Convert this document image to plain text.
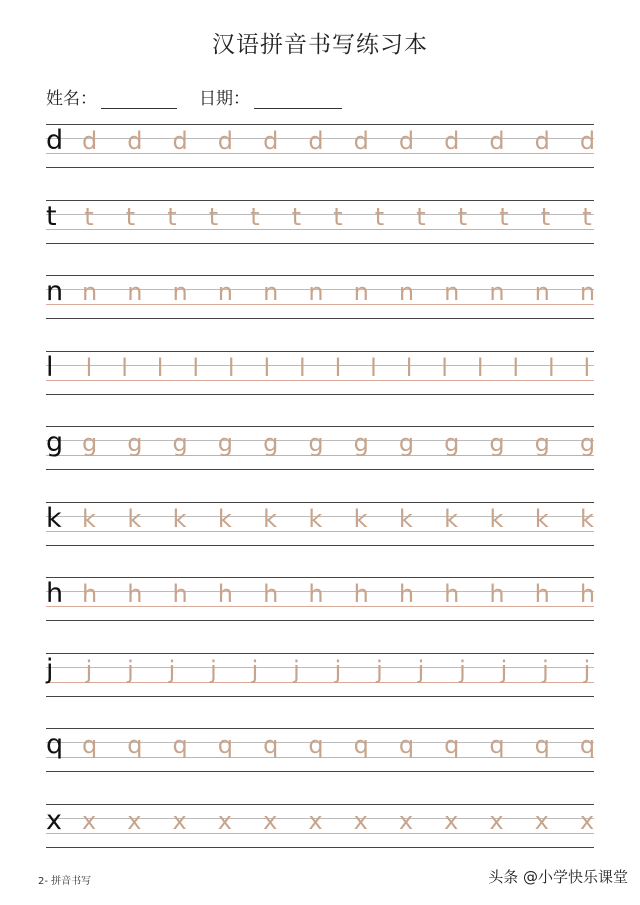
汉语拼音书写练习本
姓名：	日期：
d d d d d d d d d d d d d
t t t t t t t t t t t t t t
n n n n n n n n n n n n n
l	l l l l l l l l l l l l l l l
g g g g g g g g g g g g g
k k k k k k k k k k k k k
h h h h h h h h h h h h h
j	j j j j j j j j j j j j j
q q q q q q q q q q q q q
x x x x x x x x x x x x x
2- 拼音书写	头条 @小学快乐课堂
